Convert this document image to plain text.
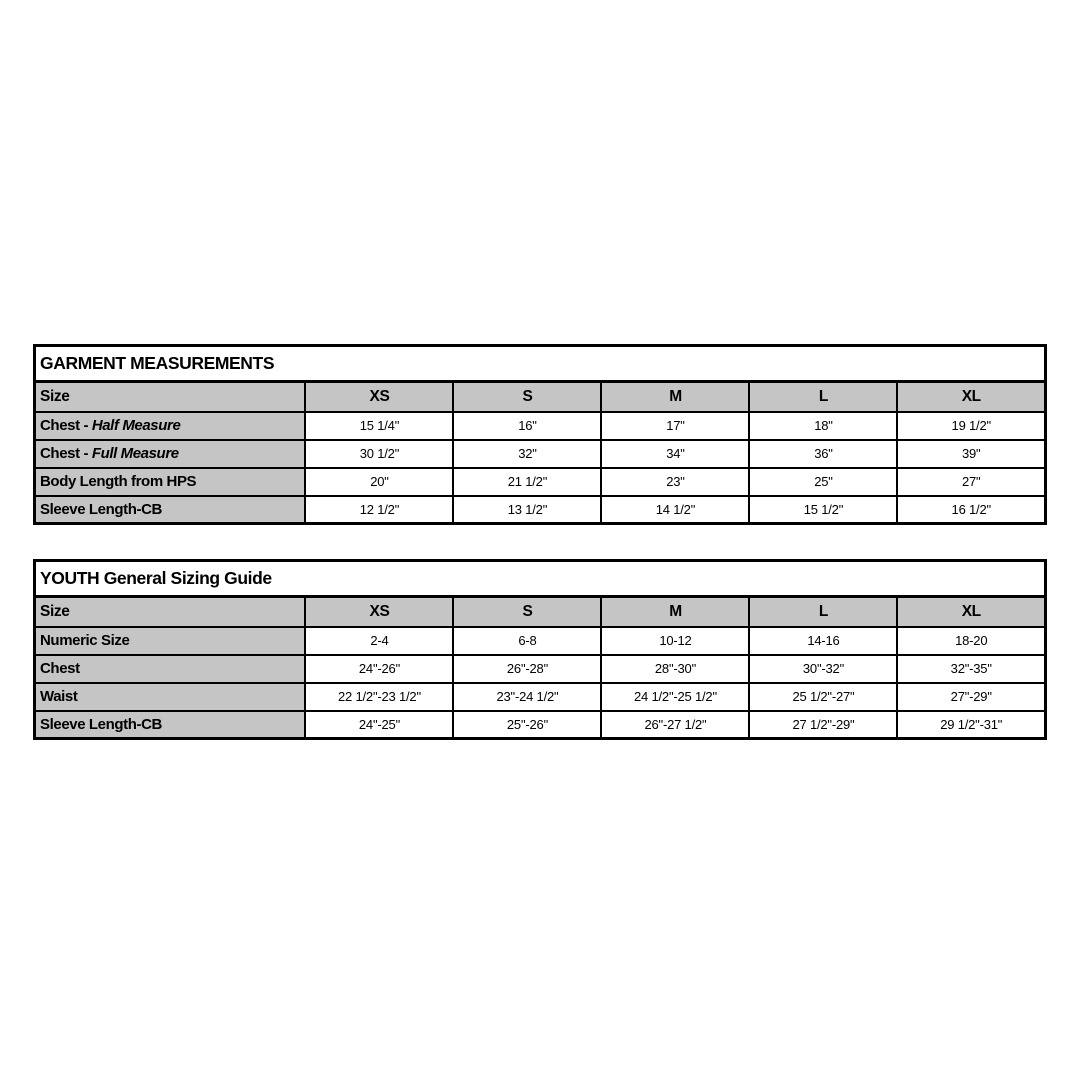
GARMENT MEASUREMENTS					
Size	XS	S	M	L	XL
Chest - Half Measure	15 1/4"	16"	17"	18"	19 1/2"
Chest - Full Measure	30 1/2"	32"	34"	36"	39"
Body Length from HPS	20"	21 1/2"	23"	25"	27"
Sleeve Length-CB	12 1/2"	13 1/2"	14 1/2"	15 1/2"	16 1/2"
YOUTH General Sizing Guide					
Size	XS	S	M	L	XL
Numeric Size	2-4	6-8	10-12	14-16	18-20
Chest	24"-26"	26"-28"	28"-30"	30"-32"	32"-35"
Waist	22 1/2"-23 1/2"	23"-24 1/2"	24 1/2"-25 1/2"	25 1/2"-27"	27"-29"
Sleeve Length-CB	24"-25"	25"-26"	26"-27 1/2"	27 1/2"-29"	29 1/2"-31"
